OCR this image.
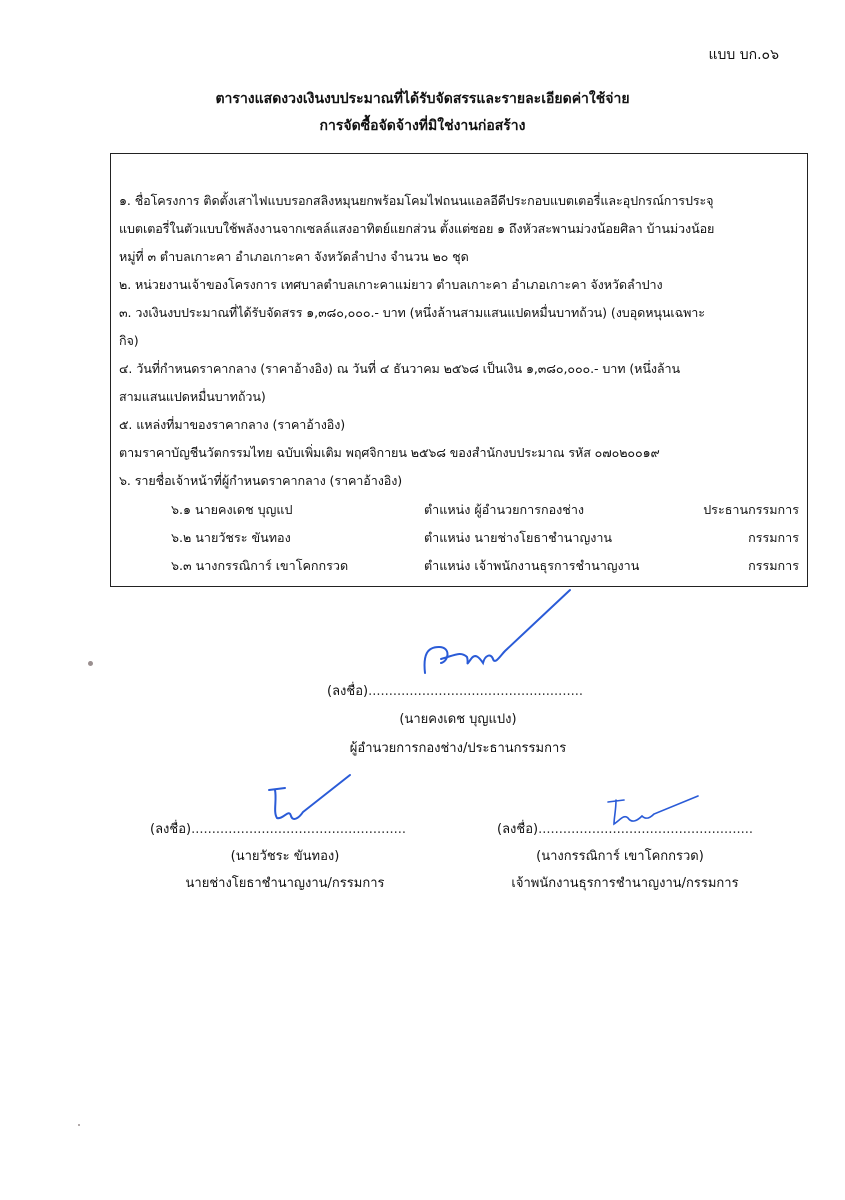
แบบ บก.๐๖
ตารางแสดงวงเงินงบประมาณที่ได้รับจัดสรรและรายละเอียดค่าใช้จ่าย
การจัดซื้อจัดจ้างที่มิใช่งานก่อสร้าง
๑. ชื่อโครงการ ติดตั้งเสาไฟแบบรอกสลิงหมุนยกพร้อมโคมไฟถนนแอลอีดีประกอบแบตเตอรี่และอุปกรณ์การประจุ
แบตเตอรี่ในตัวแบบใช้พลังงานจากเซลล์แสงอาทิตย์แยกส่วน ตั้งแต่ซอย ๑ ถึงหัวสะพานม่วงน้อยศิลา บ้านม่วงน้อย
หมู่ที่ ๓ ตำบลเกาะคา อำเภอเกาะคา จังหวัดลำปาง จำนวน ๒๐ ชุด
๒. หน่วยงานเจ้าของโครงการ เทศบาลตำบลเกาะคาแม่ยาว ตำบลเกาะคา อำเภอเกาะคา จังหวัดลำปาง
๓. วงเงินงบประมาณที่ได้รับจัดสรร ๑,๓๘๐,๐๐๐.- บาท (หนึ่งล้านสามแสนแปดหมื่นบาทถ้วน) (งบอุดหนุนเฉพาะ
กิจ)
๔. วันที่กำหนดราคากลาง (ราคาอ้างอิง) ณ วันที่ ๔ ธันวาคม ๒๕๖๘ เป็นเงิน ๑,๓๘๐,๐๐๐.- บาท (หนึ่งล้าน
สามแสนแปดหมื่นบาทถ้วน)
๕. แหล่งที่มาของราคากลาง (ราคาอ้างอิง)
ตามราคาบัญชีนวัตกรรมไทย ฉบับเพิ่มเติม พฤศจิกายน ๒๕๖๘ ของสำนักงบประมาณ รหัส ๐๗๐๒๐๐๑๙
๖. รายชื่อเจ้าหน้าที่ผู้กำหนดราคากลาง (ราคาอ้างอิง)
๖.๑ นายคงเดช บุญแป	ตำแหน่ง ผู้อำนวยการกองช่าง	ประธานกรรมการ
๖.๒ นายวัชระ ขันทอง	ตำแหน่ง นายช่างโยธาชำนาญงาน	กรรมการ
๖.๓ นางกรรณิการ์ เขาโคกกรวด	ตำแหน่ง เจ้าพนักงานธุรการชำนาญงาน	กรรมการ
(ลงชื่อ)....................................................
(นายคงเดช บุญแปง)
ผู้อำนวยการกองช่าง/ประธานกรรมการ
(ลงชื่อ)....................................................
(นายวัชระ ขันทอง)
นายช่างโยธาชำนาญงาน/กรรมการ
(ลงชื่อ)....................................................
(นางกรรณิการ์ เขาโคกกรวด)
เจ้าพนักงานธุรการชำนาญงาน/กรรมการ
